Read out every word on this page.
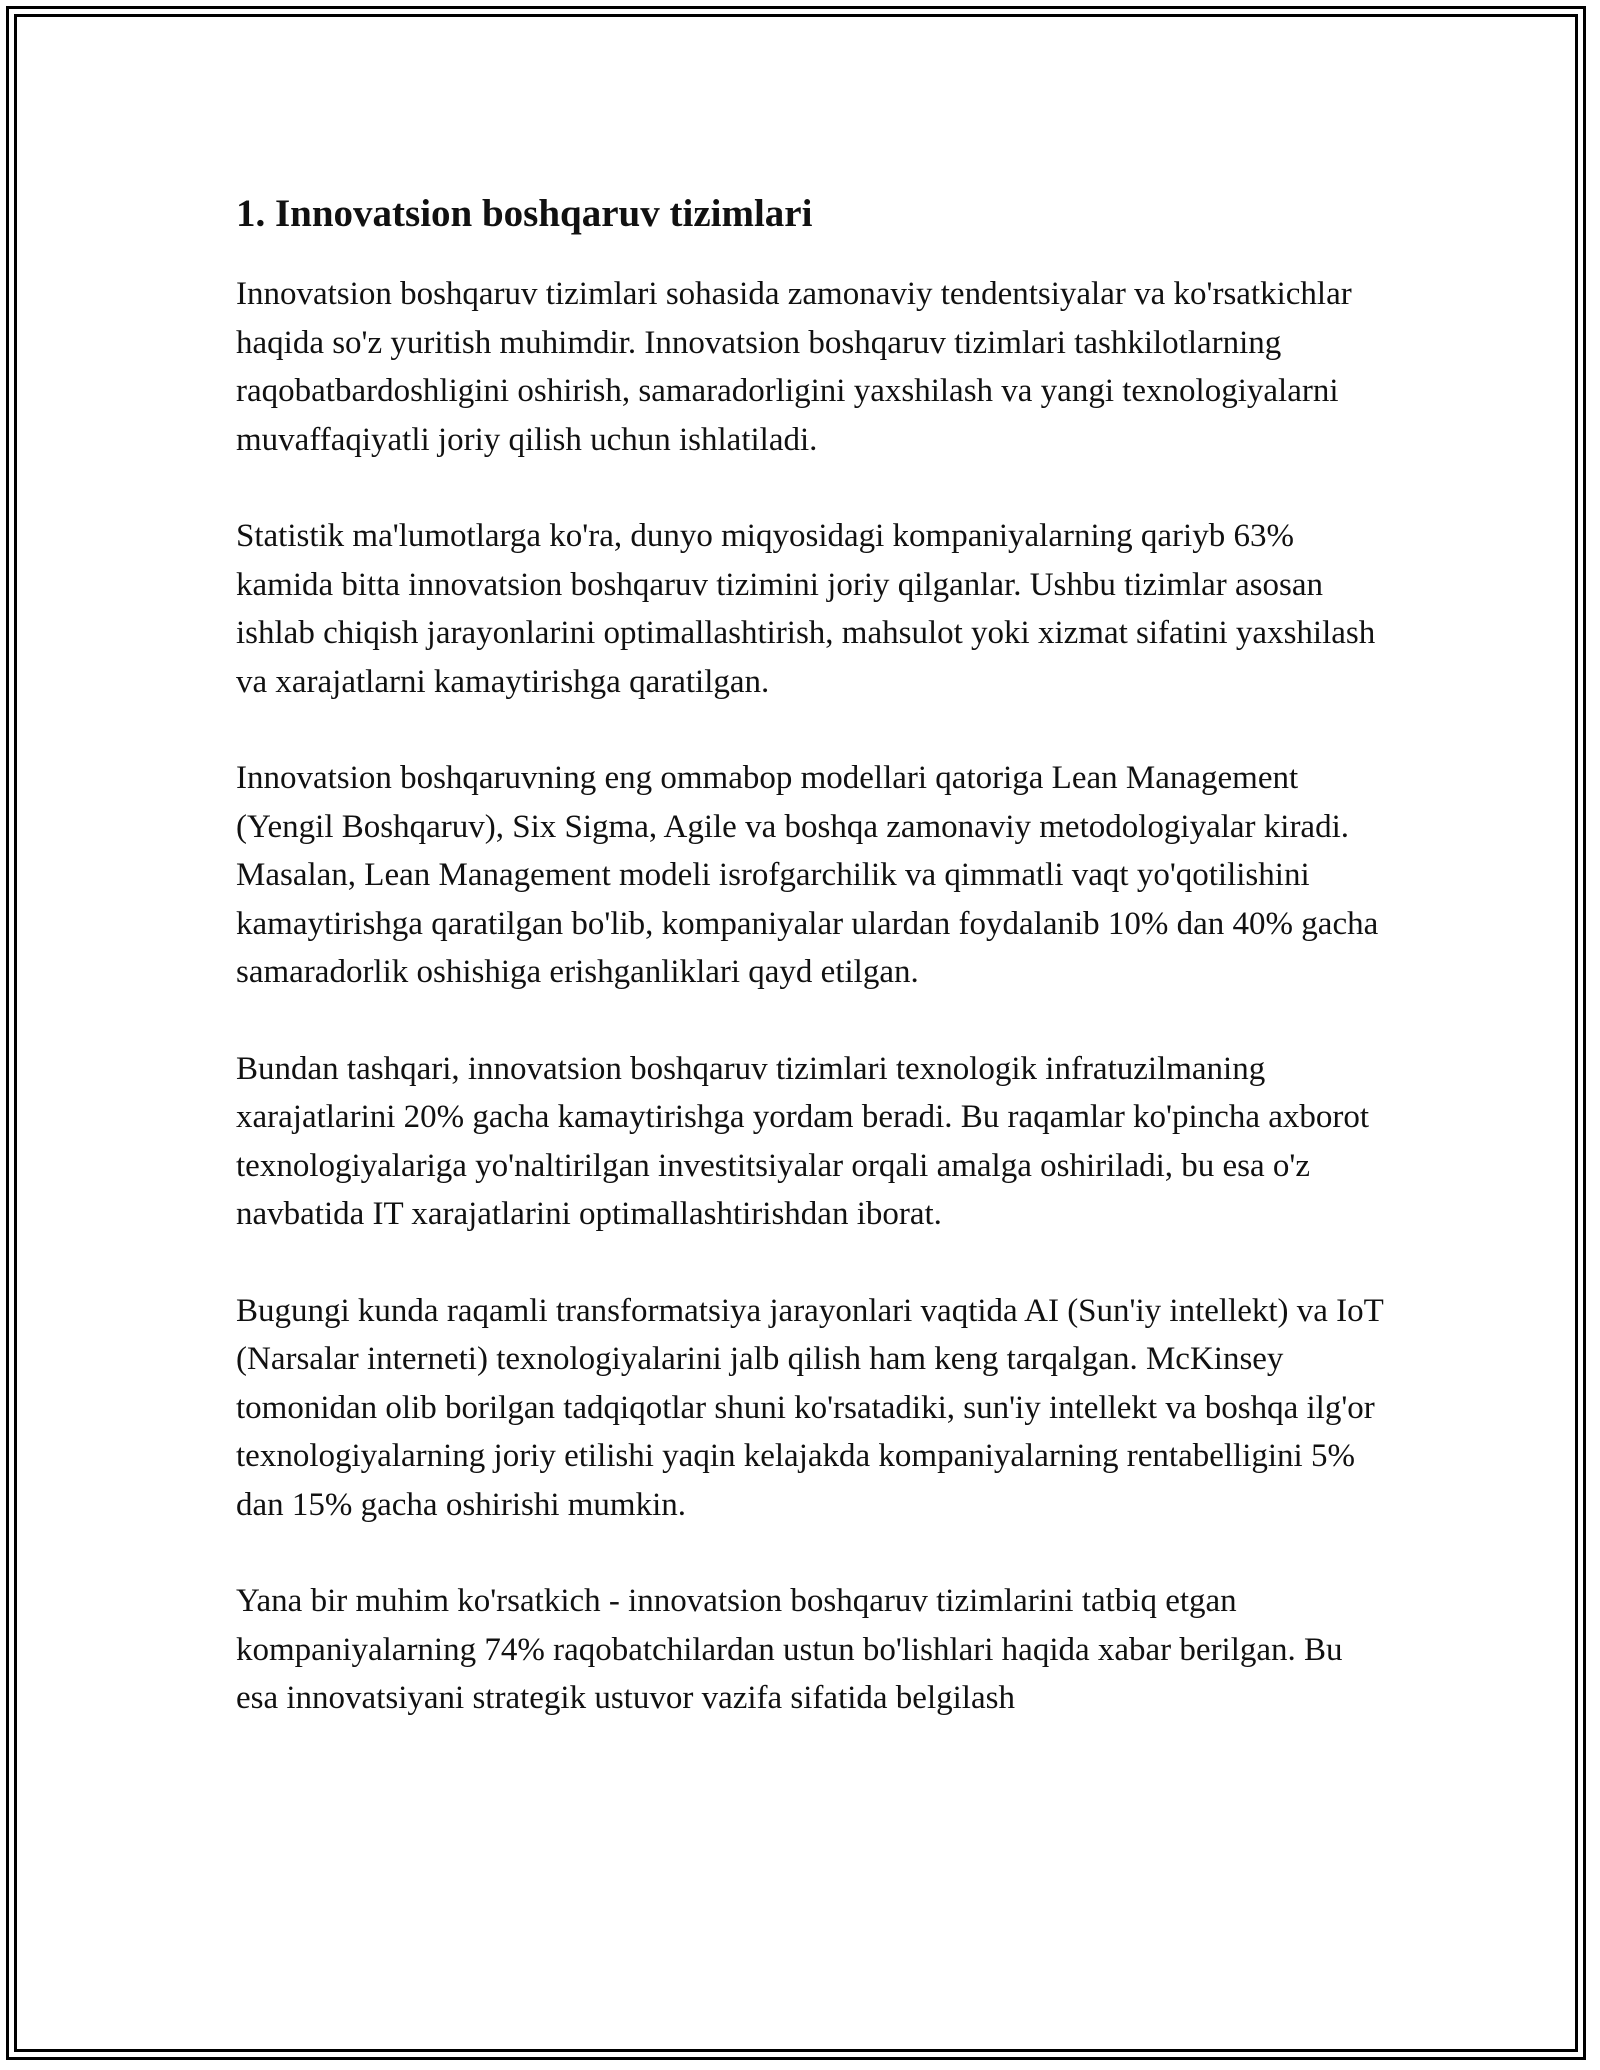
1. Innovatsion boshqaruv tizimlari

Innovatsion boshqaruv tizimlari sohasida zamonaviy tendentsiyalar va ko'rsatkichlar haqida so'z yuritish muhimdir. Innovatsion boshqaruv tizimlari tashkilotlarning raqobatbardoshligini oshirish, samaradorligini yaxshilash va yangi texnologiyalarni muvaffaqiyatli joriy qilish uchun ishlatiladi.

Statistik ma'lumotlarga ko'ra, dunyo miqyosidagi kompaniyalarning qariyb 63% kamida bitta innovatsion boshqaruv tizimini joriy qilganlar. Ushbu tizimlar asosan ishlab chiqish jarayonlarini optimallashtirish, mahsulot yoki xizmat sifatini yaxshilash va xarajatlarni kamaytirishga qaratilgan.

Innovatsion boshqaruvning eng ommabop modellari qatoriga Lean Management (Yengil Boshqaruv), Six Sigma, Agile va boshqa zamonaviy metodologiyalar kiradi. Masalan, Lean Management modeli isrofgarchilik va qimmatli vaqt yo'qotilishini kamaytirishga qaratilgan bo'lib, kompaniyalar ulardan foydalanib 10% dan 40% gacha samaradorlik oshishiga erishganliklari qayd etilgan.

Bundan tashqari, innovatsion boshqaruv tizimlari texnologik infratuzilmaning xarajatlarini 20% gacha kamaytirishga yordam beradi. Bu raqamlar ko'pincha axborot texnologiyalariga yo'naltirilgan investitsiyalar orqali amalga oshiriladi, bu esa o'z navbatida IT xarajatlarini optimallashtirishdan iborat.

Bugungi kunda raqamli transformatsiya jarayonlari vaqtida AI (Sun'iy intellekt) va IoT (Narsalar interneti) texnologiyalarini jalb qilish ham keng tarqalgan. McKinsey tomonidan olib borilgan tadqiqotlar shuni ko'rsatadiki, sun'iy intellekt va boshqa ilg'or texnologiyalarning joriy etilishi yaqin kelajakda kompaniyalarning rentabelligini 5% dan 15% gacha oshirishi mumkin.

Yana bir muhim ko'rsatkich - innovatsion boshqaruv tizimlarini tatbiq etgan kompaniyalarning 74% raqobatchilardan ustun bo'lishlari haqida xabar berilgan. Bu esa innovatsiyani strategik ustuvor vazifa sifatida belgilash
